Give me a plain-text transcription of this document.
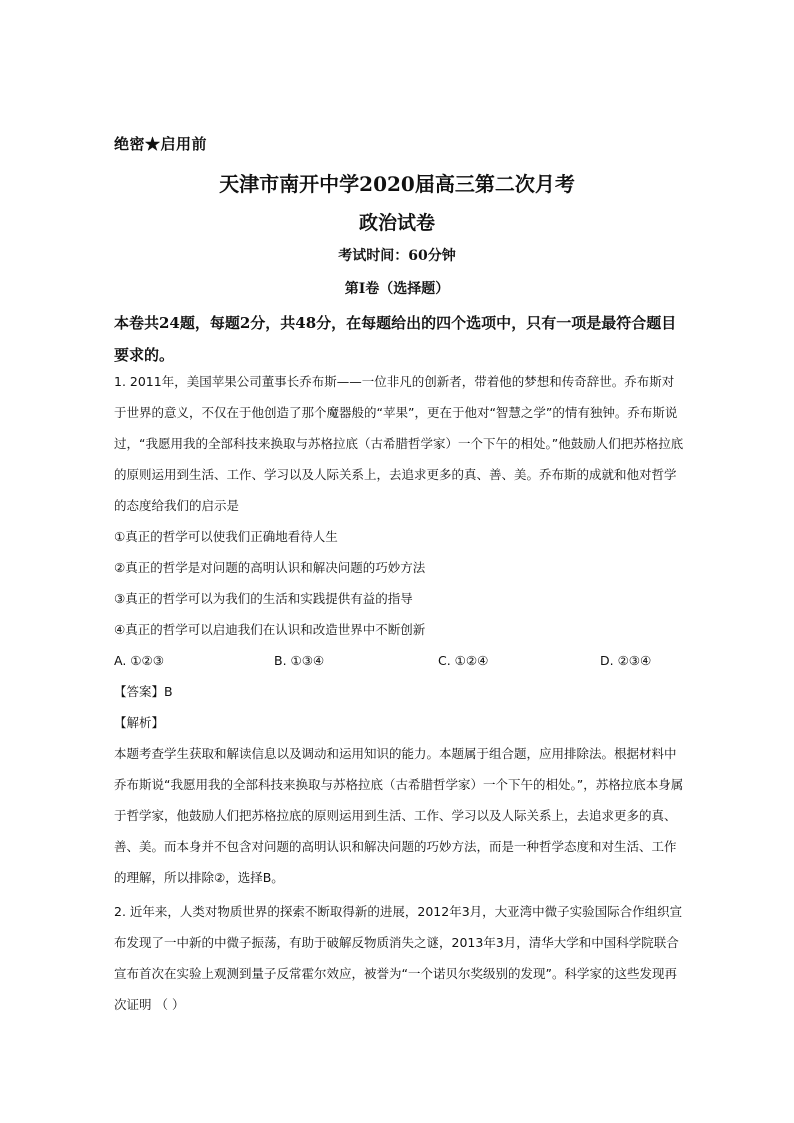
绝密★启用前
天津市南开中学2020届高三第二次月考
政治试卷
考试时间：60分钟
第I卷（选择题）
本卷共24题，每题2分，共48分，在每题给出的四个选项中，只有一项是最符合题目要求的。

1. 2011年，美国苹果公司董事长乔布斯——一位非凡的创新者，带着他的梦想和传奇辞世。乔布斯对于世界的意义，不仅在于他创造了那个魔器般的“苹果”，更在于他对“智慧之学”的情有独钟。乔布斯说过，“我愿用我的全部科技来换取与苏格拉底（古希腊哲学家）一个下午的相处。”他鼓励人们把苏格拉底的原则运用到生活、工作、学习以及人际关系上，去追求更多的真、善、美。乔布斯的成就和他对哲学的态度给我们的启示是

①真正的哲学可以使我们正确地看待人生

②真正的哲学是对问题的高明认识和解决问题的巧妙方法

③真正的哲学可以为我们的生活和实践提供有益的指导

④真正的哲学可以启迪我们在认识和改造世界中不断创新

A. ①②③	B. ①③④	C. ①②④	D. ②③④

【答案】B

【解析】

本题考查学生获取和解读信息以及调动和运用知识的能力。本题属于组合题，应用排除法。根据材料中乔布斯说“我愿用我的全部科技来换取与苏格拉底（古希腊哲学家）一个下午的相处。”，苏格拉底本身属于哲学家，他鼓励人们把苏格拉底的原则运用到生活、工作、学习以及人际关系上，去追求更多的真、善、美。而本身并不包含对问题的高明认识和解决问题的巧妙方法，而是一种哲学态度和对生活、工作的理解，所以排除②，选择B。

2. 近年来，人类对物质世界的探索不断取得新的进展，2012年3月，大亚湾中微子实验国际合作组织宣布发现了一中新的中微子振荡，有助于破解反物质消失之谜，2013年3月，清华大学和中国科学院联合宣布首次在实验上观测到量子反常霍尔效应，被誉为“一个诺贝尔奖级别的发现”。科学家的这些发现再次证明 （ ）
